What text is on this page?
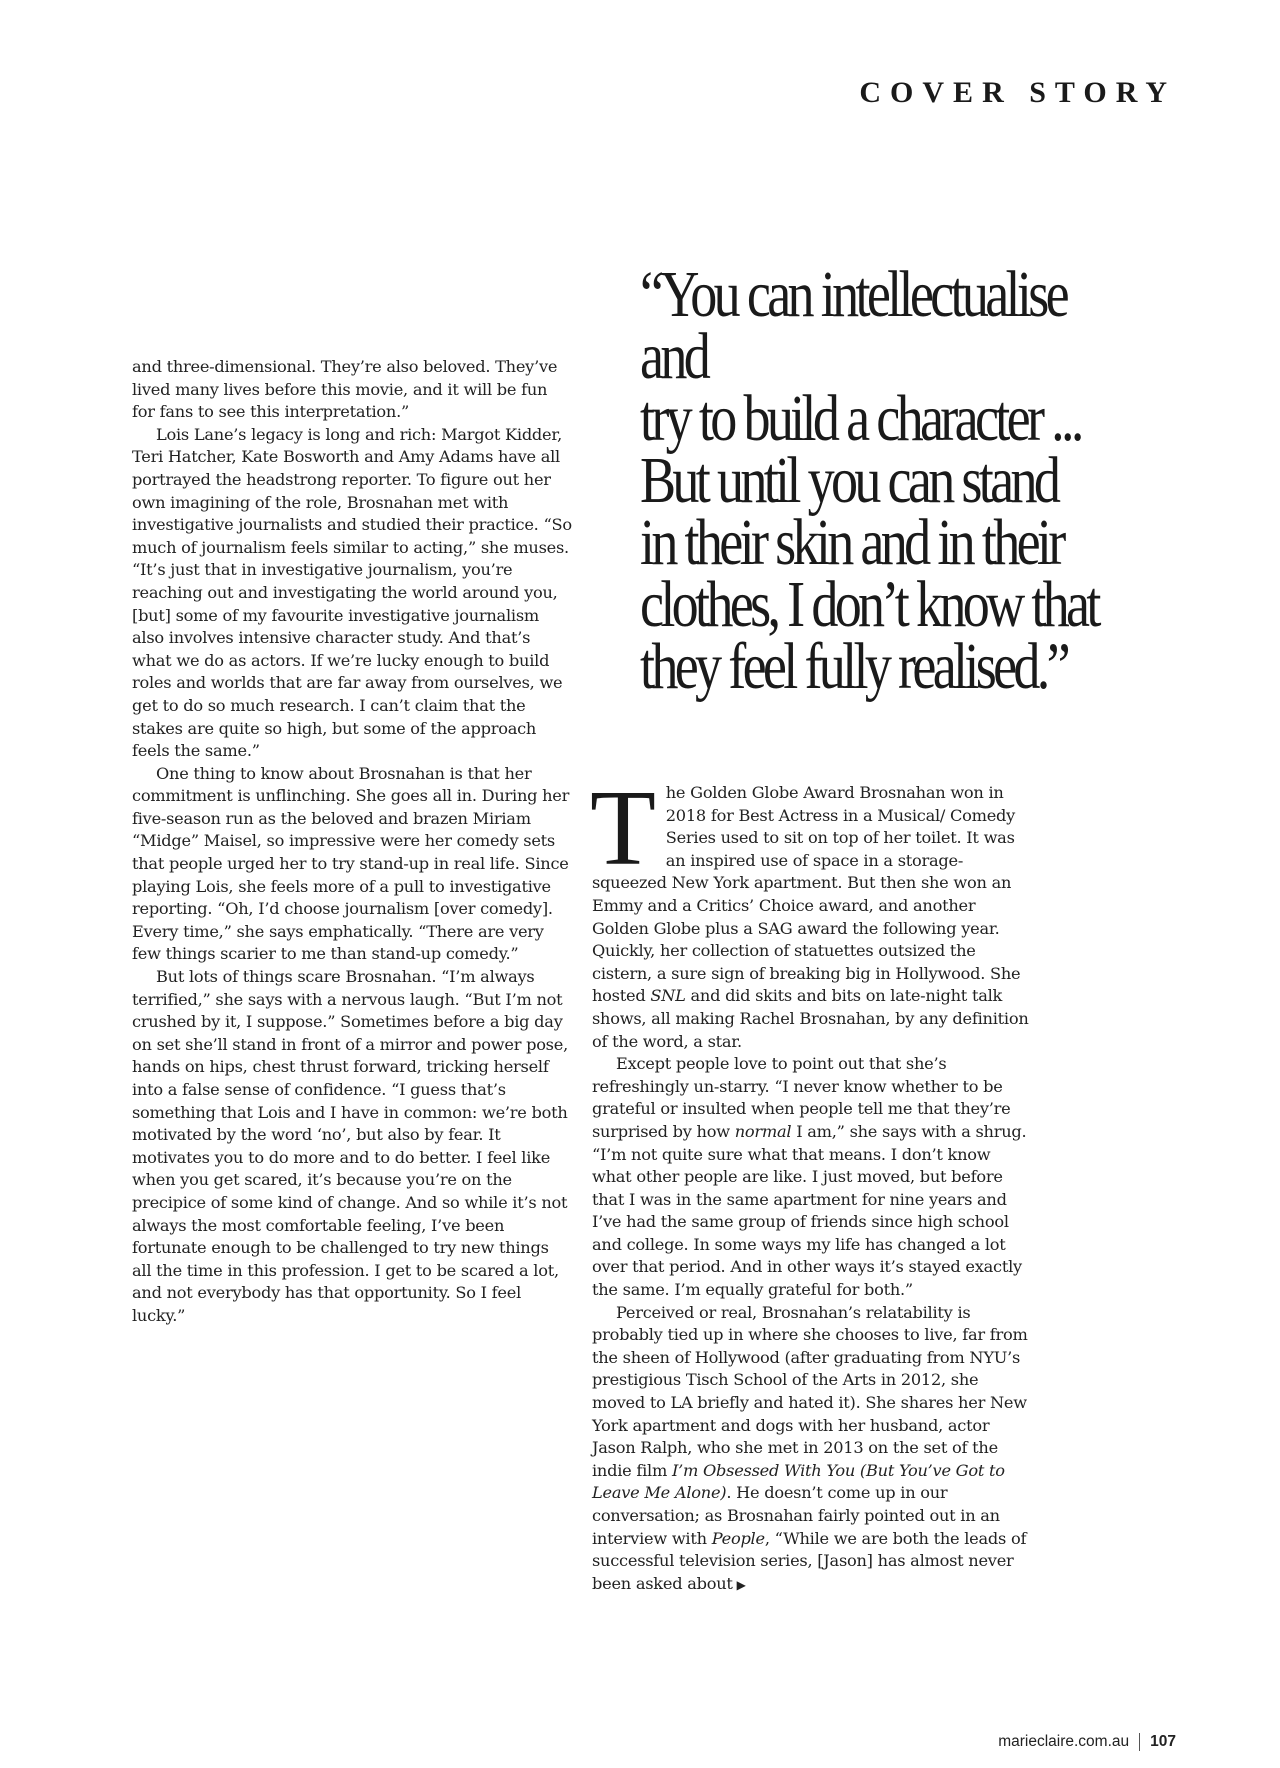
COVER STORY
“You can intellectualise and
try to build a character ...
But until you can stand
in their skin and in their
clothes, I don’t know that
they feel fully realised.”

and three-dimensional. They’re also beloved. They’ve lived many lives before this movie, and it will be fun for fans to see this interpretation.”

Lois Lane’s legacy is long and rich: Margot Kidder, Teri Hatcher, Kate Bosworth and Amy Adams have all portrayed the headstrong reporter. To figure out her own imagining of the role, Brosnahan met with investigative journalists and studied their practice. “So much of journalism feels similar to acting,” she muses. “It’s just that in investigative journalism, you’re reaching out and investigating the world around you, [but] some of my favourite investigative journalism also involves intensive character study. And that’s what we do as actors. If we’re lucky enough to build roles and worlds that are far away from ourselves, we get to do so much research. I can’t claim that the stakes are quite so high, but some of the approach feels the same.”

One thing to know about Brosnahan is that her commitment is unflinching. She goes all in. During her five-season run as the beloved and brazen Miriam “Midge” Maisel, so impressive were her comedy sets that people urged her to try stand-up in real life. Since playing Lois, she feels more of a pull to investigative reporting. “Oh, I’d choose journalism [over comedy]. Every time,” she says emphatically. “There are very few things scarier to me than stand-up comedy.”

But lots of things scare Brosnahan. “I’m always terrified,” she says with a nervous laugh. “But I’m not crushed by it, I suppose.” Sometimes before a big day on set she’ll stand in front of a mirror and power pose, hands on hips, chest thrust forward, tricking herself into a false sense of confidence. “I guess that’s something that Lois and I have in common: we’re both motivated by the word ‘no’, but also by fear. It motivates you to do more and to do better. I feel like when you get scared, it’s because you’re on the precipice of some kind of change. And so while it’s not always the most comfortable feeling, I’ve been fortunate enough to be challenged to try new things all the time in this profession. I get to be scared a lot, and not everybody has that opportunity. So I feel lucky.”

The Golden Globe Award Brosnahan won in 2018 for Best Actress in a Musical/ Comedy Series used to sit on top of her toilet. It was an inspired use of space in a storage-squeezed New York apartment. But then she won an Emmy and a Critics’ Choice award, and another Golden Globe plus a SAG award the following year. Quickly, her collection of statuettes outsized the cistern, a sure sign of breaking big in Hollywood. She hosted SNL and did skits and bits on late-night talk shows, all making Rachel Brosnahan, by any definition of the word, a star.

Except people love to point out that she’s refreshingly un-starry. “I never know whether to be grateful or insulted when people tell me that they’re surprised by how normal I am,” she says with a shrug. “I’m not quite sure what that means. I don’t know what other people are like. I just moved, but before that I was in the same apartment for nine years and I’ve had the same group of friends since high school and college. In some ways my life has changed a lot over that period. And in other ways it’s stayed exactly the same. I’m equally grateful for both.”

Perceived or real, Brosnahan’s relatability is probably tied up in where she chooses to live, far from the sheen of Hollywood (after graduating from NYU’s prestigious Tisch School of the Arts in 2012, she moved to LA briefly and hated it). She shares her New York apartment and dogs with her husband, actor Jason Ralph, who she met in 2013 on the set of the indie film I’m Obsessed With You (But You’ve Got to Leave Me Alone). He doesn’t come up in our conversation; as Brosnahan fairly pointed out in an interview with People, “While we are both the leads of successful television series, [Jason] has almost never been asked about ▶

marieclaire.com.au 107
